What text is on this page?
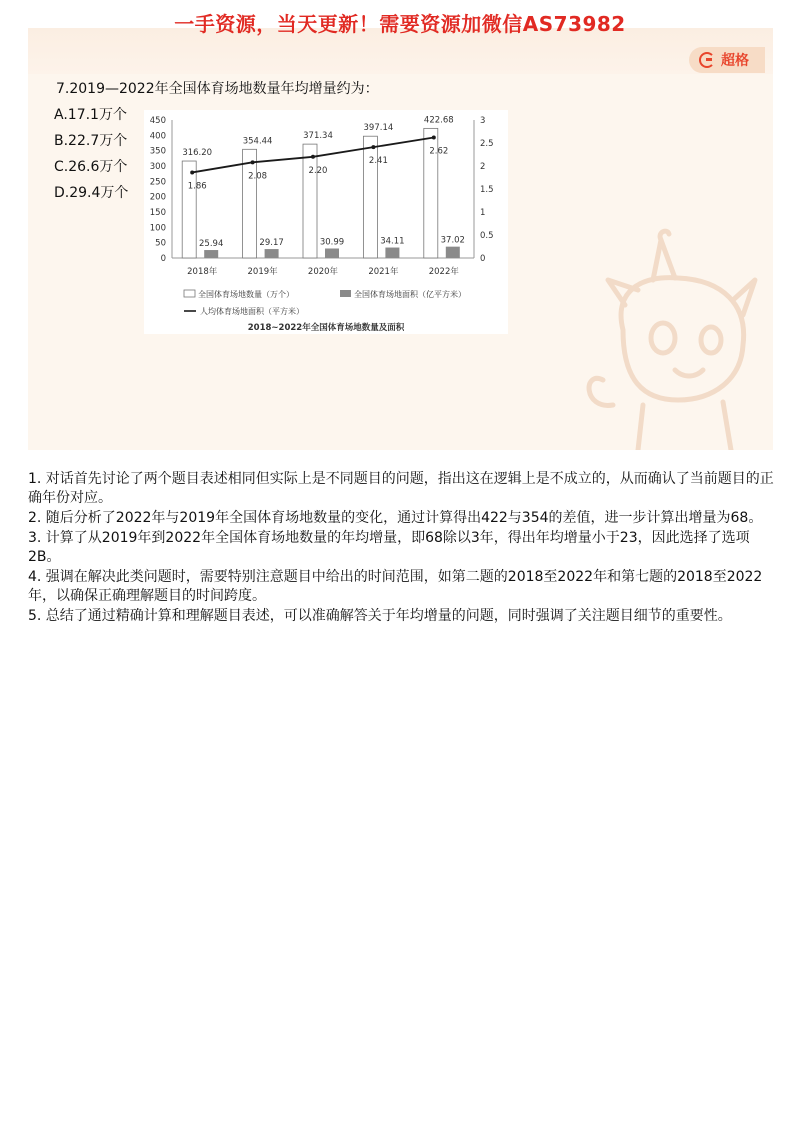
超格
7.2019—2022年全国体育场地数量年均增量约为：
A.17.1万个
B.22.7万个
C.26.6万个
D.29.4万个
0
50
100
150
200
250
300
350
400
450
0
0.5
1
1.5
2
2.5
3
316.20
25.94
1.86
2018年
354.44
29.17
2.08
2019年
371.34
30.99
2.20
2020年
397.14
34.11
2.41
2021年
422.68
37.02
2.62
2022年
全国体育场地数量（万个）	全国体育场地面积（亿平方米）
人均体育场地面积（平方米）
2018~2022年全国体育场地数量及面积
一手资源，当天更新！需要资源加微信AS73982

1. 对话首先讨论了两个题目表述相同但实际上是不同题目的问题，指出这在逻辑上是不成立的，从而确认了当前题目的正确年份对应。

2. 随后分析了2022年与2019年全国体育场地数量的变化，通过计算得出422与354的差值，进一步计算出增量为68。

3. 计算了从2019年到2022年全国体育场地数量的年均增量，即68除以3年，得出年均增量小于23，因此选择了选项2B。

4. 强调在解决此类问题时，需要特别注意题目中给出的时间范围，如第二题的2018至2022年和第七题的2018至2022年，以确保正确理解题目的时间跨度。

5. 总结了通过精确计算和理解题目表述，可以准确解答关于年均增量的问题，同时强调了关注题目细节的重要性。
